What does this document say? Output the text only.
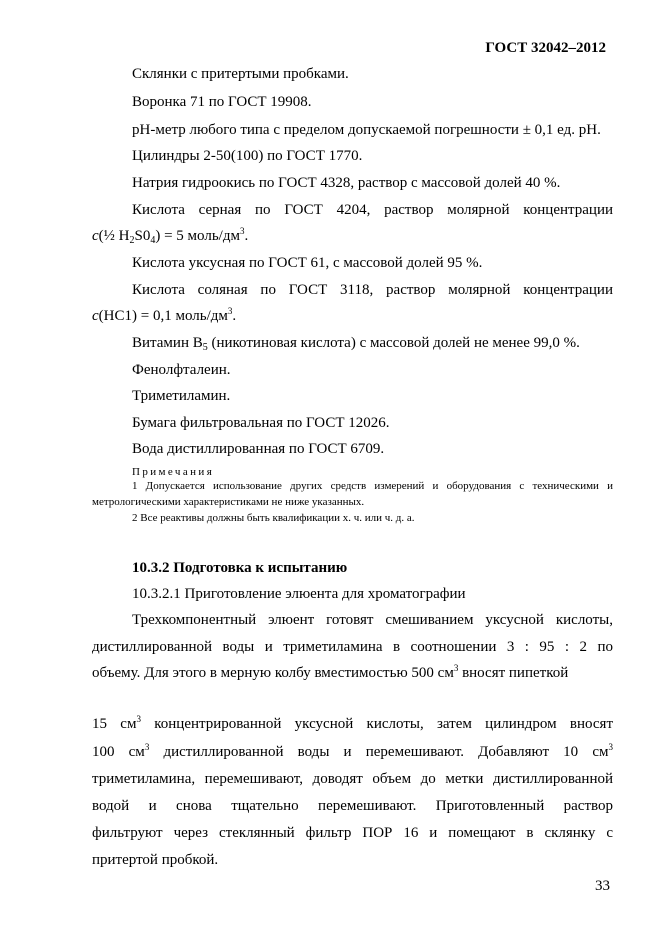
ГОСТ 32042–2012
Склянки с притертыми пробками.
Воронка 71 по ГОСТ 19908.
pH-метр любого типа с пределом допускаемой погрешности ± 0,1 ед. pH.
Цилиндры 2-50(100) по ГОСТ 1770.
Натрия гидроокись по ГОСТ 4328, раствор с массовой долей 40 %.
Кислота серная по ГОСТ 4204, раствор молярной концентрации
c(½ $H_2S0_4) = 5$ моль/$дм^3$.
Кислота уксусная по ГОСТ 61, с массовой долей 95 %.
Кислота соляная по ГОСТ 3118, раствор молярной концентрации
c(HC1) = 0,1 моль/$дм^3$.
Витамин $B_5$ (никотиновая кислота) с массовой долей не менее 99,0 %.
Фенолфталеин.
Триметиламин.
Бумага фильтровальная по ГОСТ 12026.
Вода дистиллированная по ГОСТ 6709.
Примечания
1 Допускается использование других средств измерений и оборудования с техническими и
метрологическими характеристиками не ниже указанных.
2 Все реактивы должны быть квалификации х. ч. или ч. д. а.
10.3.2 Подготовка к испытанию
10.3.2.1 Приготовление элюента для хроматографии
Трехкомпонентный элюент готовят смешиванием уксусной кислоты,
дистиллированной воды и триметиламина в соотношении 3 : 95 : 2 по
объему. Для этого в мерную колбу вместимостью 500 $см^3$ вносят пипеткой
15 $см^3$ концентрированной уксусной кислоты, затем цилиндром вносят
100 $см^3$ дистиллированной воды и перемешивают. Добавляют 10 $см^3$
триметиламина, перемешивают, доводят объем до метки дистиллированной
водой и снова тщательно перемешивают. Приготовленный раствор
фильтруют через стеклянный фильтр ПОР 16 и помещают в склянку с
притертой пробкой.
33
